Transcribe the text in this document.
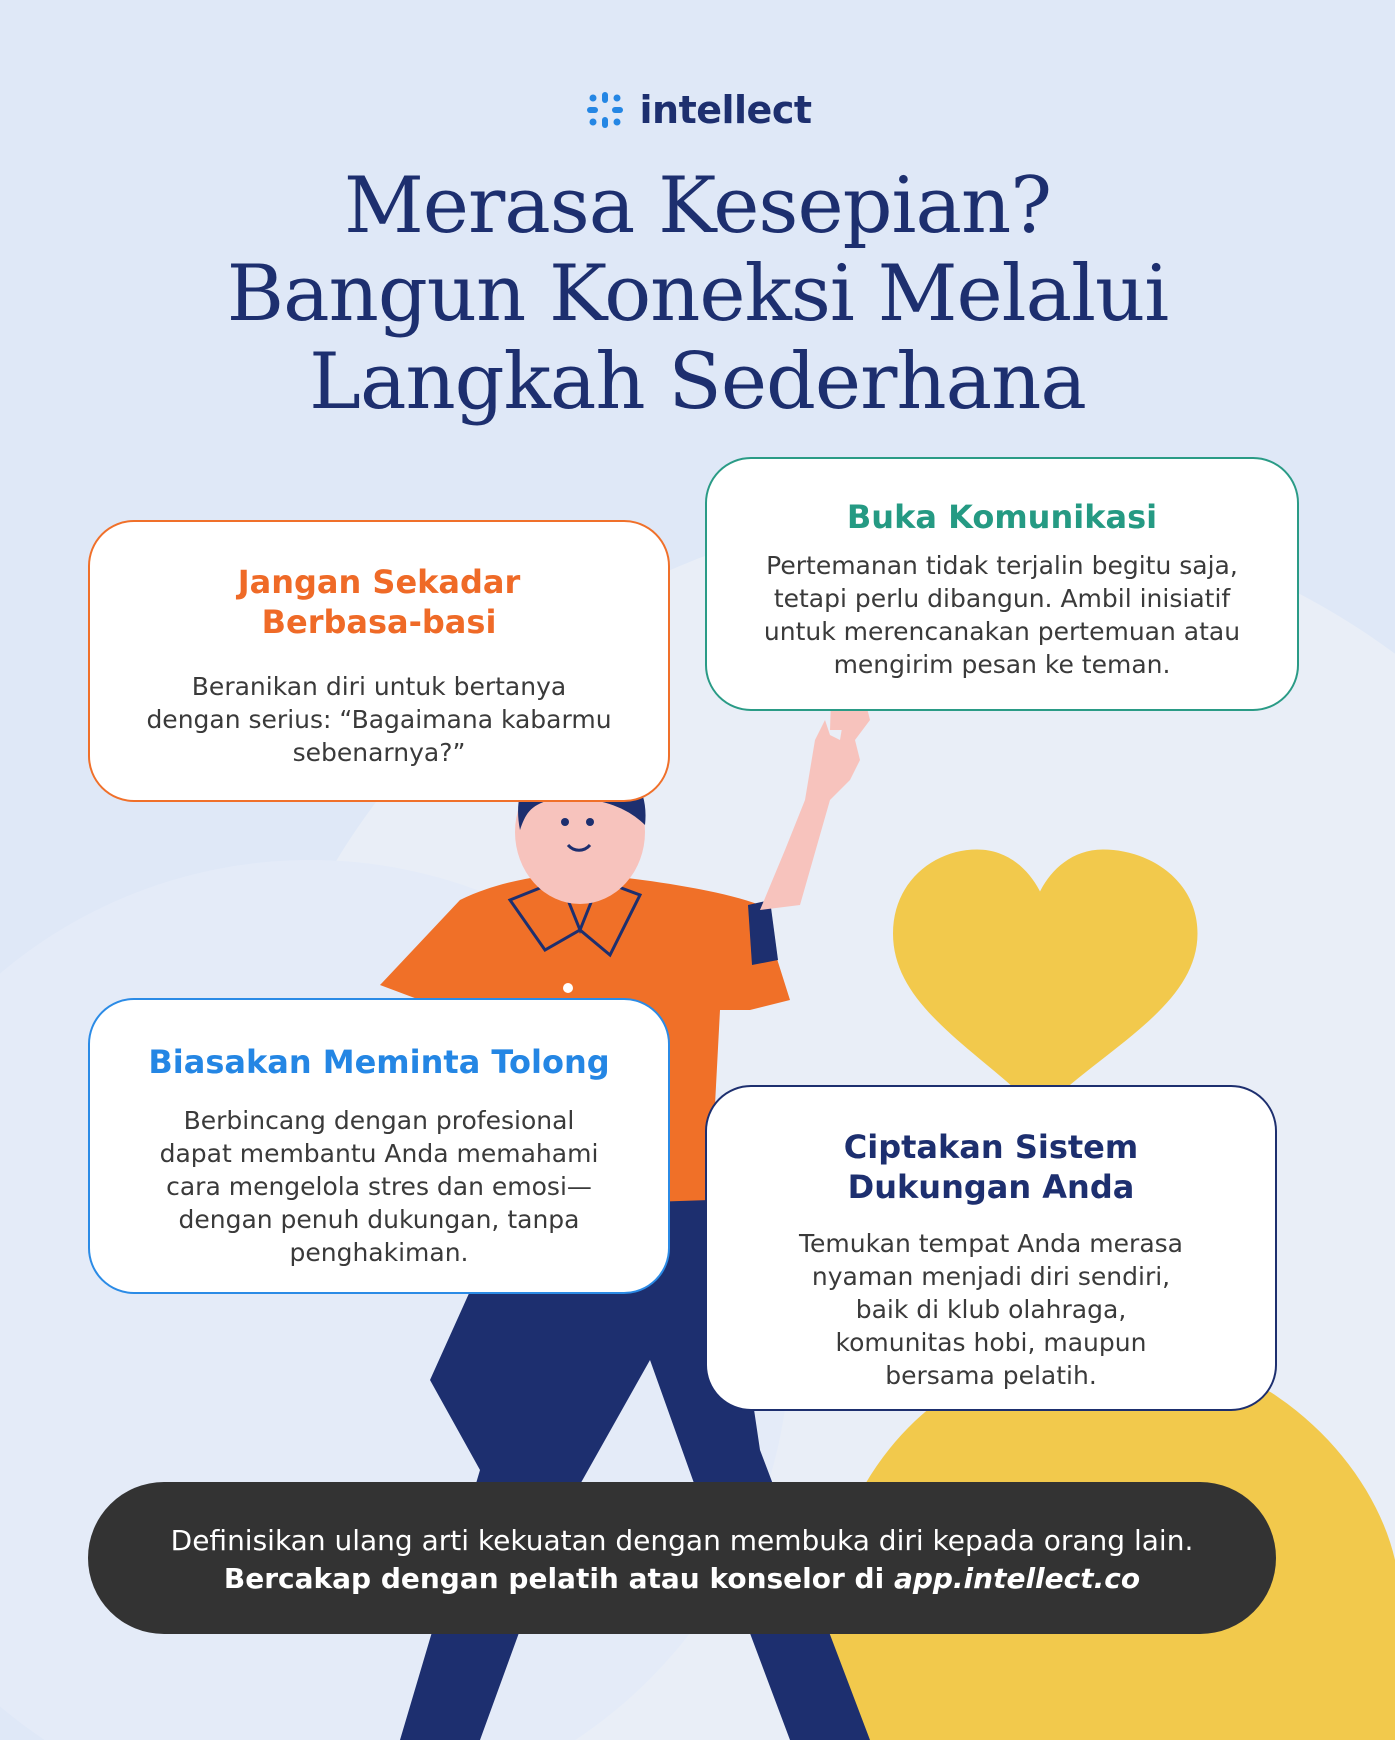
intellect
Merasa Kesepian?
Bangun Koneksi Melalui
Langkah Sederhana
Jangan Sekadar
Berbasa-basi

Beranikan diri untuk bertanya
dengan serius: “Bagaimana kabarmu
sebenarnya?”

Buka Komunikasi

Pertemanan tidak terjalin begitu saja,
tetapi perlu dibangun. Ambil inisiatif
untuk merencanakan pertemuan atau
mengirim pesan ke teman.

Biasakan Meminta Tolong

Berbincang dengan profesional
dapat membantu Anda memahami
cara mengelola stres dan emosi—
dengan penuh dukungan, tanpa
penghakiman.

Ciptakan Sistem
Dukungan Anda

Temukan tempat Anda merasa
nyaman menjadi diri sendiri,
baik di klub olahraga,
komunitas hobi, maupun
bersama pelatih.

Definisikan ulang arti kekuatan dengan membuka diri kepada orang lain.

Bercakap dengan pelatih atau konselor di app.intellect.co
